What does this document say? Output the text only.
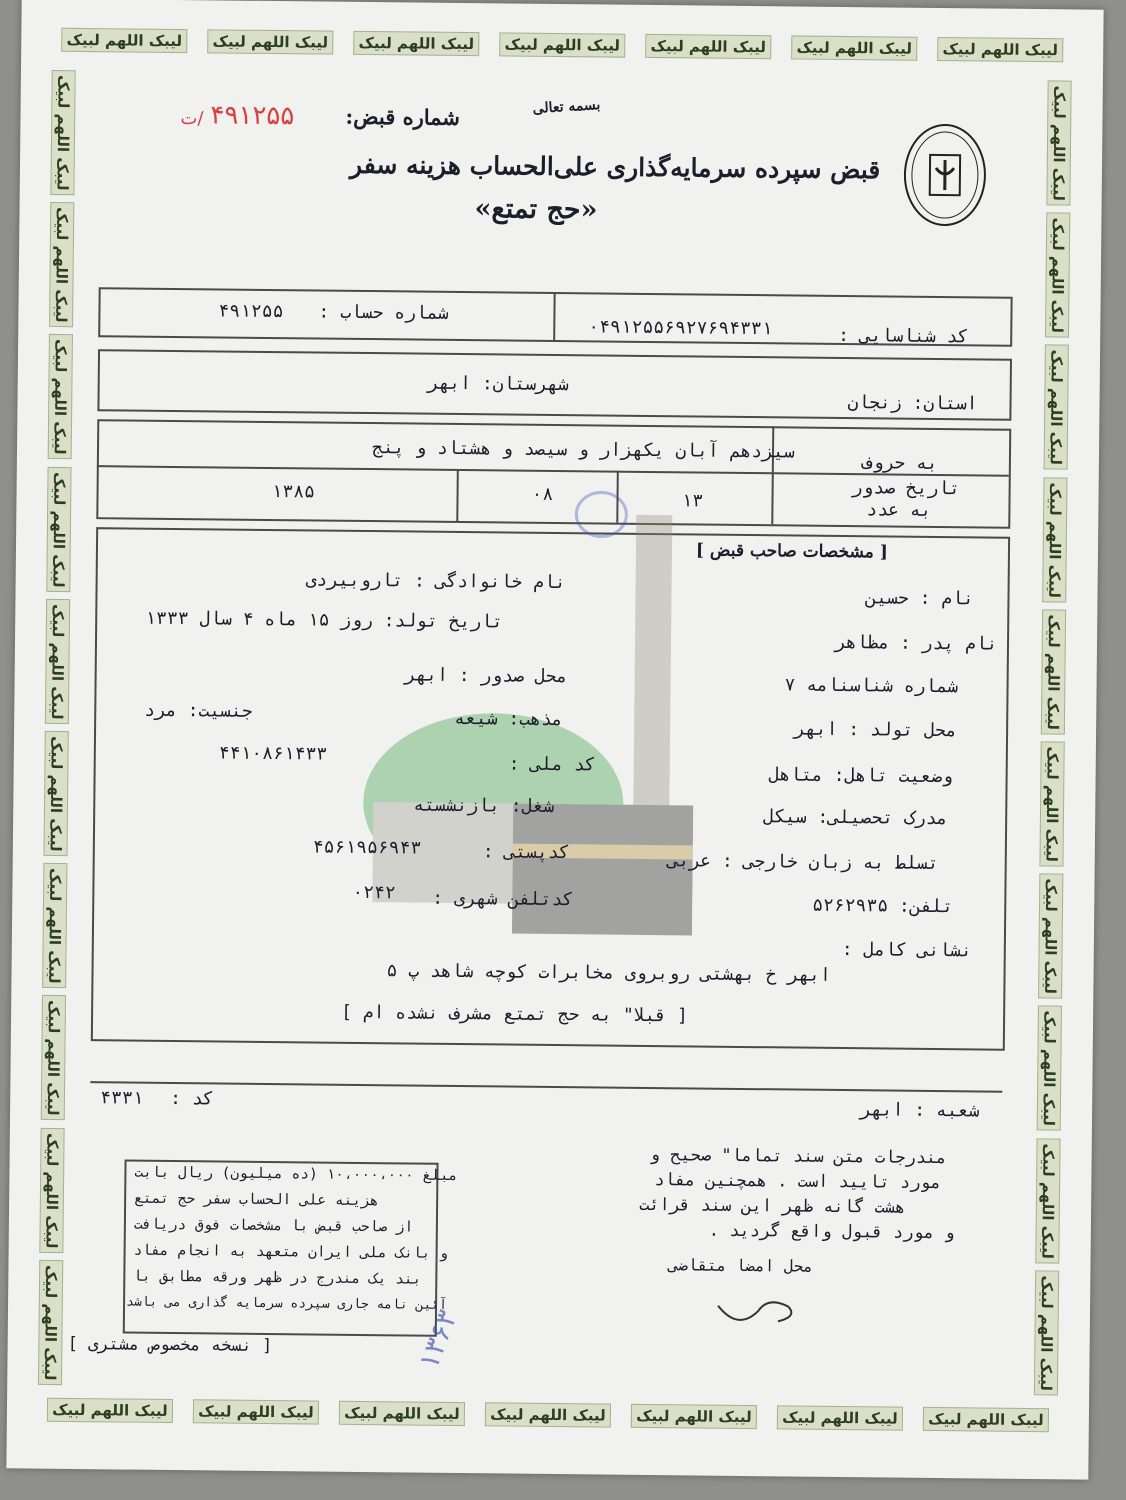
لیبک اللهم لبیک	لیبک اللهم لبیک	لیبک اللهم لبیک	لیبک اللهم لبیک	لیبک اللهم لبیک	لیبک اللهم لبیک	لیبک اللهم لبیک
لیبک اللهم لبیک	لیبک اللهم لبیک	لیبک اللهم لبیک	لیبک اللهم لبیک	لیبک اللهم لبیک	لیبک اللهم لبیک	لیبک اللهم لبیک
لیبک اللهم لبیک
لیبک اللهم لبیک
لیبک اللهم لبیک
لیبک اللهم لبیک
لیبک اللهم لبیک
لیبک اللهم لبیک
لیبک اللهم لبیک
لیبک اللهم لبیک
لیبک اللهم لبیک
لیبک اللهم لبیک
لیبک اللهم لبیک
لیبک اللهم لبیک
لیبک اللهم لبیک
لیبک اللهم لبیک
لیبک اللهم لبیک
لیبک اللهم لبیک
لیبک اللهم لبیک
لیبک اللهم لبیک
لیبک اللهم لبیک
لیبک اللهم لبیک
بسمه تعالی
شماره قبض:
۴۹۱۲۵۵
/ت
قبض سپرده سرمایه‌گذاری علی‌الحساب هزینه سفر
«حج تمتع»
شماره حساب :
۴۹۱۲۵۵
کد شناسایی :
۰۴۹۱۲۵۵۶۹۲۷۶۹۴۳۳۱
شهرستان: ابهر
استان: زنجان
سیزدهم آبان یکهزار و سیصد و هشتاد و پنج
به حروف
تاریخ صدور
به عدد
۱۳۸۵	۰۸	۱۳
[ مشخصات صاحب قبض ]
نام : حسین
نام خانوادگی : تاروبیردی
نام پدر : مظاهر
تاریخ تولد: روز ۱۵ ماه ۴ سال ۱۳۳۳
شماره شناسنامه ۷
محل صدور : ابهر
محل تولد : ابهر
مذهب: شیعه
جنسیت: مرد
وضعیت تاهل: متاهل
کد ملی :
۴۴۱۰۸۶۱۴۳۳
مدرک تحصیلی: سیکل
شغل: بازنشسته
تسلط به زبان خارجی : عربی
کدپستی :
۴۵۶۱۹۵۶۹۴۳
تلفن: ۵۲۶۲۹۳۵
کدتلفن شهری :
۰۲۴۲
نشانی کامل :
ابهر خ بهشتی روبروی مخابرات کوچه شاهد پ ۵
[ قبلا" به حج تمتع مشرف نشده ام ]
شعبه : ابهر
کد :
۴۳۳۱
مبلغ ۱۰،۰۰۰،۰۰۰ (ده میلیون) ریال بابت
هزینه علی الحساب سفر حج تمتع
از صاحب قبض با مشخصات فوق دریافت
و بانک ملی ایران متعهد به انجام مفاد
بند یک مندرج در ظهر ورقه مطابق با
آئین نامه جاری سپرده سرمایه گذاری می باشد
مندرجات متن سند تماما" صحیح و
مورد تایید است . همچنین مفاد
هشت گانه ظهر این سند قرائت
و مورد قبول واقع گردید .
محل امضا متقاضی
[ نسخه مخصوص مشتری ]	۱۳۶۳
